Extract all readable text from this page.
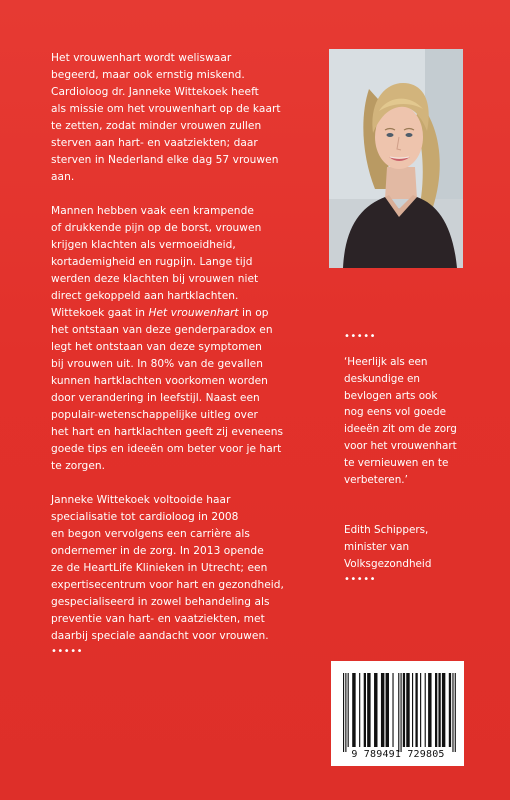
Het vrouwenhart wordt weliswaar
begeerd, maar ook ernstig miskend.
Cardioloog dr. Janneke Wittekoek heeft
als missie om het vrouwenhart op de kaart
te zetten, zodat minder vrouwen zullen
sterven aan hart- en vaatziekten; daar
sterven in Nederland elke dag 57 vrouwen
aan.

Mannen hebben vaak een krampende
of drukkende pijn op de borst, vrouwen
krijgen klachten als vermoeidheid,
kortademigheid en rugpijn. Lange tijd
werden deze klachten bij vrouwen niet
direct gekoppeld aan hartklachten.
Wittekoek gaat in Het vrouwenhart in op
het ontstaan van deze genderparadox en
legt het ontstaan van deze symptomen
bij vrouwen uit. In 80% van de gevallen
kunnen hartklachten voorkomen worden
door verandering in leefstijl. Naast een
populair-wetenschappelijke uitleg over
het hart en hartklachten geeft zij eveneens
goede tips en ideeën om beter voor je hart
te zorgen.

Janneke Wittekoek voltooide haar
specialisatie tot cardioloog in 2008
en begon vervolgens een carrière als
ondernemer in de zorg. In 2013 opende
ze de HeartLife Klinieken in Utrecht; een
expertisecentrum voor hart en gezondheid,
gespecialiseerd in zowel behandeling als
preventie van hart- en vaatziekten, met
daarbij speciale aandacht voor vrouwen.

•••••
•••••

‘Heerlijk als een
deskundige en
bevlogen arts ook
nog eens vol goede
ideeën zit om de zorg
voor het vrouwenhart
te vernieuwen en te
verbeteren.’

Edith Schippers,
minister van
Volksgezondheid

•••••
9 789491 729805
